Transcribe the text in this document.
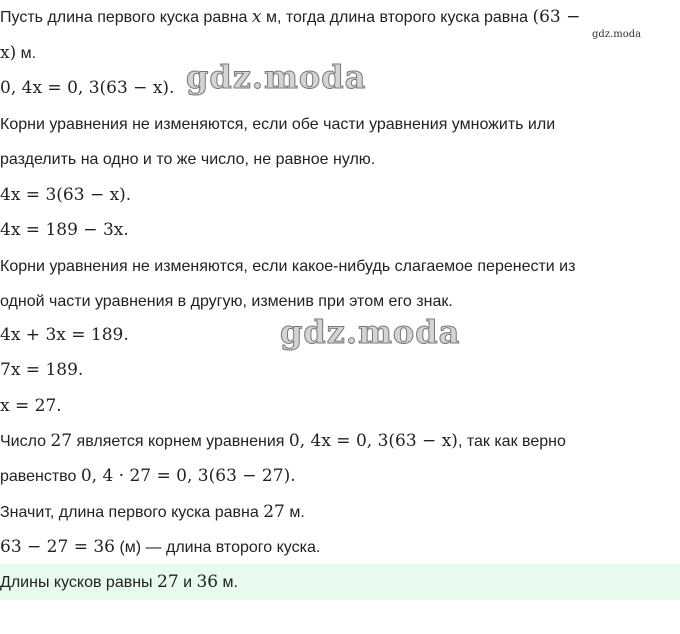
Пусть длина первого куска равна x м, тогда длина второго куска равна (63 −
x) м.
0, 4x = 0, 3(63 − x).
Корни уравнения не изменяются, если обе части уравнения умножить или
разделить на одно и то же число, не равное нулю.
4x = 3(63 − x).
4x = 189 − 3x.
Корни уравнения не изменяются, если какое-нибудь слагаемое перенести из
одной части уравнения в другую, изменив при этом его знак.
4x + 3x = 189.
7x = 189.
x = 27.
Число 27 является корнем уравнения 0, 4x = 0, 3(63 − x), так как верно
равенство 0, 4 · 27 = 0, 3(63 − 27).
Значит, длина первого куска равна 27 м.
63 − 27 = 36 (м) — длина второго куска.
Длины кусков равны 27 и 36 м.
gdz.moda
gdz.moda
gdz.moda
